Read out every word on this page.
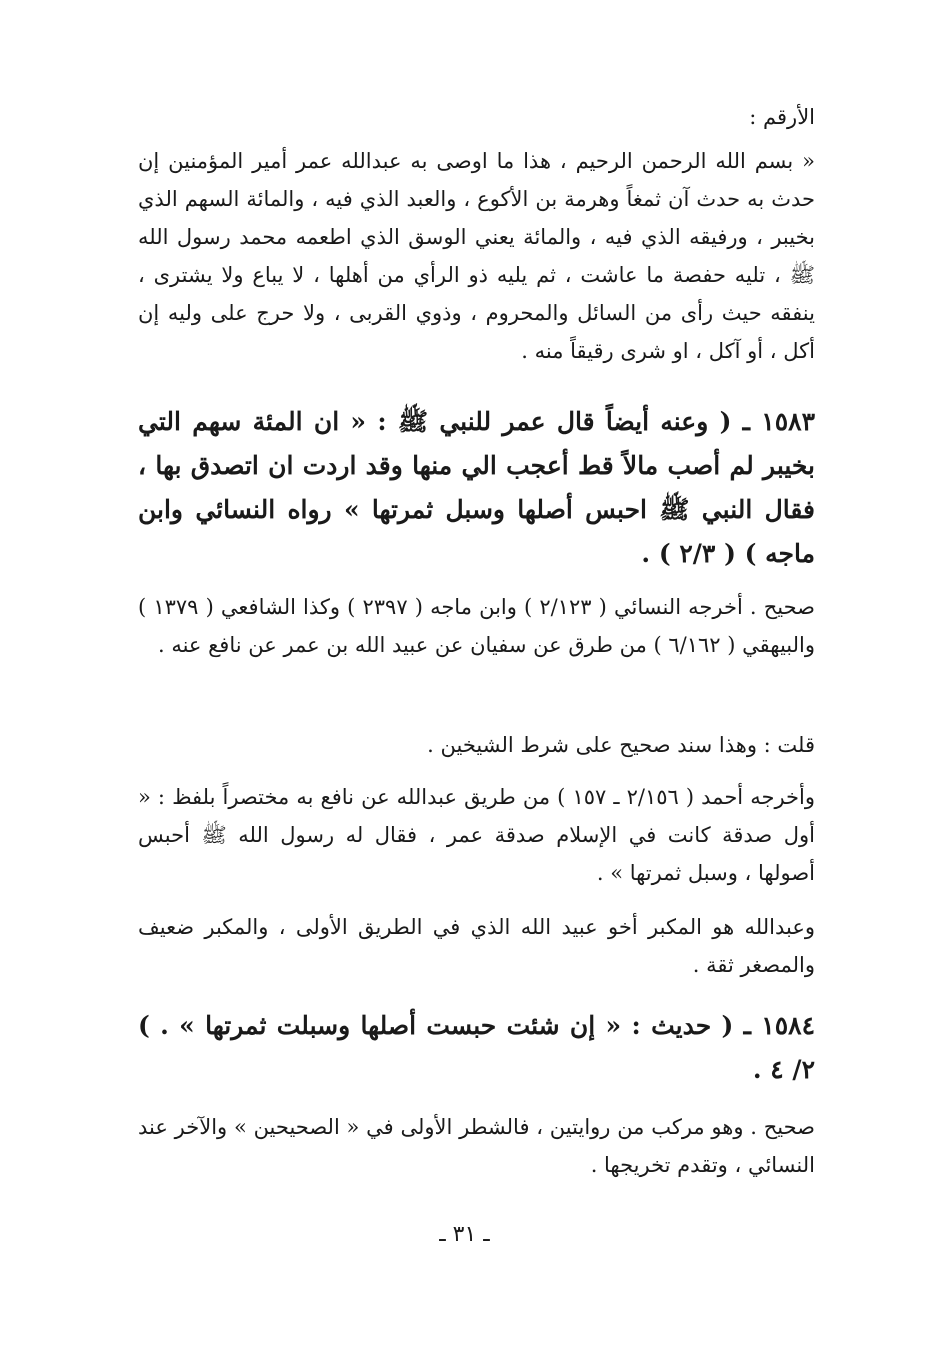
الأرقم :

« بسم الله الرحمن الرحيم ، هذا ما اوصى به عبدالله عمر أمير المؤمنين إن حدث به حدث آن ثمغاً وهرمة بن الأكوع ، والعبد الذي فيه ، والمائة السهم الذي بخيبر ، ورفيقه الذي فيه ، والمائة يعني الوسق الذي اطعمه محمد رسول الله ﷺ ، تليه حفصة ما عاشت ، ثم يليه ذو الرأي من أهلها ، لا يباع ولا يشترى ، ينفقه حيث رأى من السائل والمحروم ، وذوي القربى ، ولا حرج على وليه إن أكل ، أو آكل ، او شرى رقيقاً منه .

١٥٨٣ ـ ( وعنه أيضاً قال عمر للنبي ﷺ : « ان المئة سهم التي بخيبر لم أصب مالاً قط أعجب الي منها وقد اردت ان اتصدق بها ، فقال النبي ﷺ احبس أصلها وسبل ثمرتها » رواه النسائي وابن ماجه ) ( ٢/٣ ) .

صحيح . أخرجه النسائي ( ٢/١٢٣ ) وابن ماجه ( ٢٣٩٧ ) وكذا الشافعي ( ١٣٧٩ ) والبيهقي ( ٦/١٦٢ ) من طرق عن سفيان عن عبيد الله بن عمر عن نافع عنه .

قلت : وهذا سند صحيح على شرط الشيخين .

وأخرجه أحمد ( ٢/١٥٦ ـ ١٥٧ ) من طريق عبدالله عن نافع به مختصراً بلفظ : « أول صدقة كانت في الإسلام صدقة عمر ، فقال له رسول الله ﷺ أحبس أصولها ، وسبل ثمرتها » .

وعبدالله هو المكبر أخو عبيد الله الذي في الطريق الأولى ، والمكبر ضعيف والمصغر ثقة .

١٥٨٤ ـ ( حديث : « إن شئت حبست أصلها وسبلت ثمرتها » . ) ٢/ ٤ .

صحيح . وهو مركب من روايتين ، فالشطر الأولى في « الصحيحين » والآخر عند النسائي ، وتقدم تخريجها .

ـ ٣١ ـ
